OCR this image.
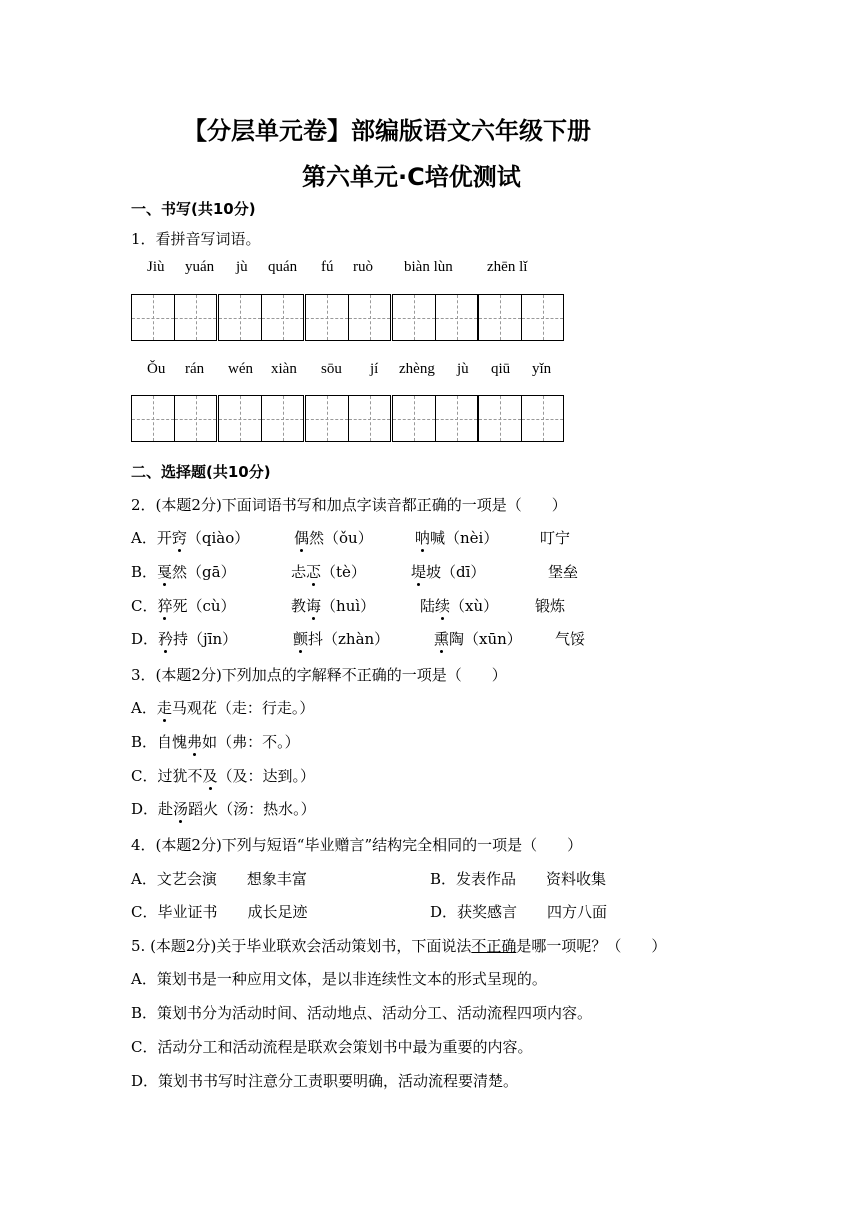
【分层单元卷】部编版语文六年级下册
第六单元·C培优测试
一、书写(共10分)
1．看拼音写词语。
Jiù yuán jù quán fú ruò biàn lùn zhēn lǐ
Ǒu rán wén xiàn sōu jí zhèng jù qiū yǐn
二、选择题(共10分)
2．(本题2分)下面词语书写和加点字读音都正确的一项是（　　）
A．开窍（qiào）	偶然（ǒu）	呐喊（nèi）	叮宁
B．戛然（gā）	忐忑（tè）	堤坡（dī）	堡垒
C．猝死（cù）	教诲（huì）	陆续（xù） 锻炼
D．矜持（jīn）	颤抖（zhàn）	熏陶（xūn） 气馁
3．(本题2分)下列加点的字解释不正确的一项是（　　）
A．走马观花（走：行走。）
B．自愧弗如（弗：不。）
C．过犹不及（及：达到。）
D．赴汤蹈火（汤：热水。）
4．(本题2分)下列与短语“毕业赠言”结构完全相同的一项是（　　）
A．文艺会演　　想象丰富	B．发表作品　　资料收集
C．毕业证书　　成长足迹	D．获奖感言　　四方八面
5. (本题2分)关于毕业联欢会活动策划书，下面说法不正确是哪一项呢？（　　）
A．策划书是一种应用文体，是以非连续性文本的形式呈现的。
B．策划书分为活动时间、活动地点、活动分工、活动流程四项内容。
C．活动分工和活动流程是联欢会策划书中最为重要的内容。
D．策划书书写时注意分工责职要明确，活动流程要清楚。
